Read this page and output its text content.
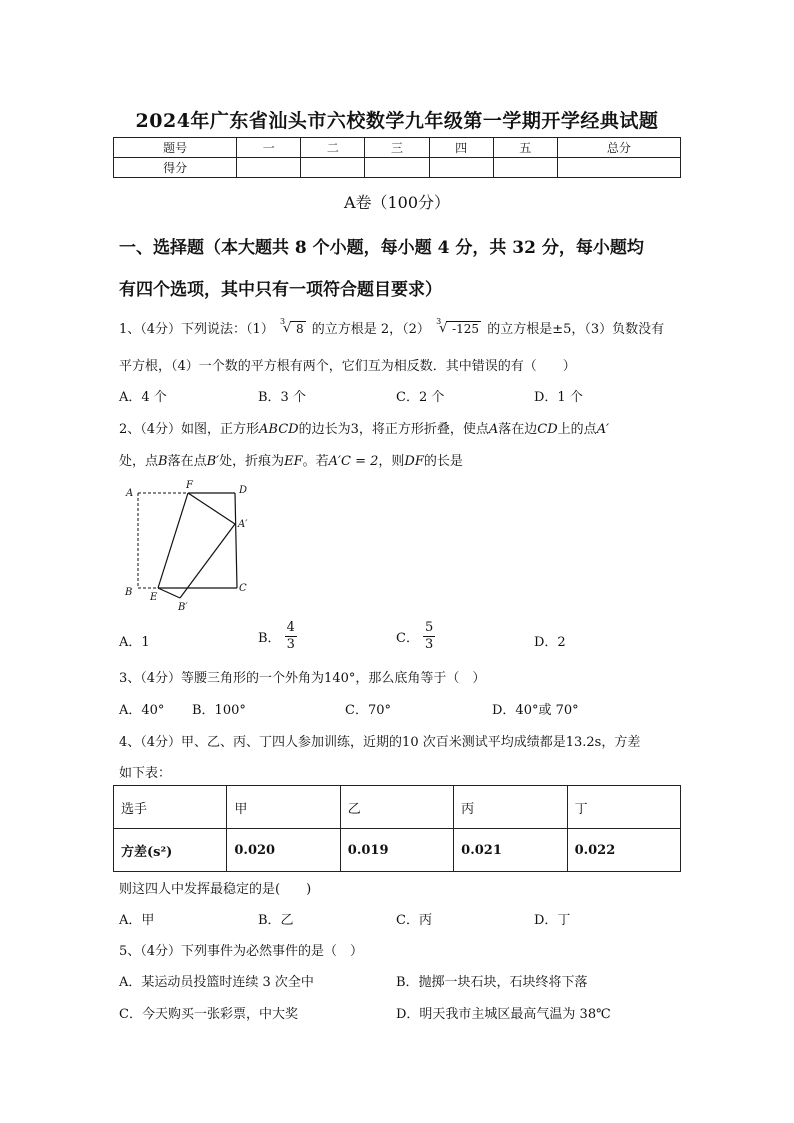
2024年广东省汕头市六校数学九年级第一学期开学经典试题
题号	一	二	三	四	五	总分
得分						
A卷（100分）
一、选择题（本大题共 8 个小题，每小题 4 分，共 32 分，每小题均
有四个选项，其中只有一项符合题目要求）
1、（4分）下列说法：（1）
3
√ 8 的立方根是 2，（2）
3
√ -125 的立方根是±5，（3）负数没有
平方根，（4）一个数的平方根有两个，它们互为相反数．其中错误的有（　　）
A．4 个	B．3 个	C．2 个	D．1 个
2、（4分）如图，正方形ABCD的边长为3，将正方形折叠，使点A落在边CD上的点A′
处，点B落在点B′处，折痕为EF。若A′C = 2，则DF的长是
A
F	D
A′
B E
B′
C
A．1	B． $\frac{4}{3}$	C． $\frac{5}{3}$	D．2
3、（4分）等腰三角形的一个外角为140°，那么底角等于（　）
A．40° B．100°	C．70°	D．40°或 70°
4、（4分）甲、乙、丙、丁四人参加训练，近期的10 次百米测试平均成绩都是13.2s，方差
如下表：
选手	甲	乙	丙	丁
方差(s²)	0.020	0.019	0.021	0.022
则这四人中发挥最稳定的是(　　)
A．甲	B．乙	C．丙	D．丁
5、（4分）下列事件为必然事件的是（　）
A．某运动员投篮时连续 3 次全中	B．抛掷一块石块，石块终将下落
C．今天购买一张彩票，中大奖	D．明天我市主城区最高气温为 38℃
